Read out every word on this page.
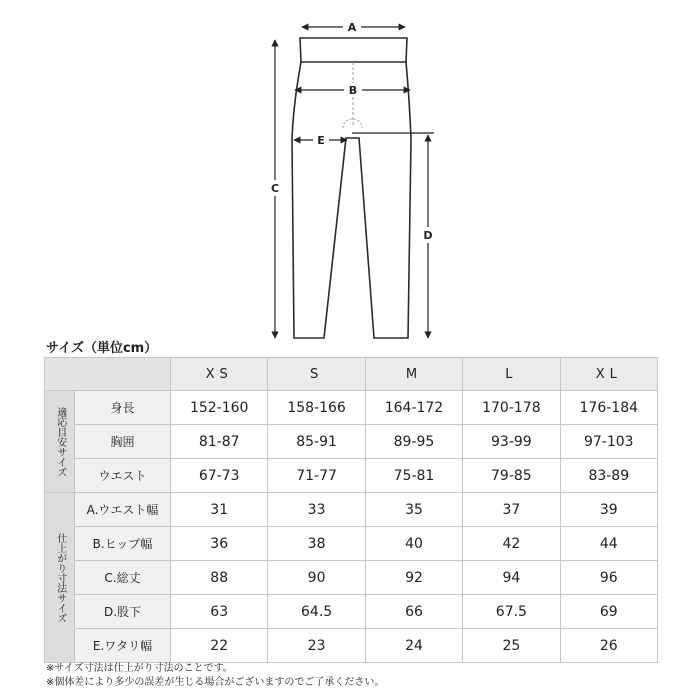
A
B
E
C
D
サイズ（単位cm）
		XS	S	M	L	XL
適応目安サイズ	身長	152-160	158-166	164-172	170-178	176-184
	胸囲	81-87	85-91	89-95	93-99	97-103
	ウエスト	67-73	71-77	75-81	79-85	83-89
仕上がり寸法サイズ	A.ウエスト幅	31	33	35	37	39
	B.ヒップ幅	36	38	40	42	44
	C.総丈	88	90	92	94	96
	D.股下	63	64.5	66	67.5	69
	E.ワタリ幅	22	23	24	25	26
※サイズ寸法は仕上がり寸法のことです。
※個体差により多少の誤差が生じる場合がございますのでご了承ください。
